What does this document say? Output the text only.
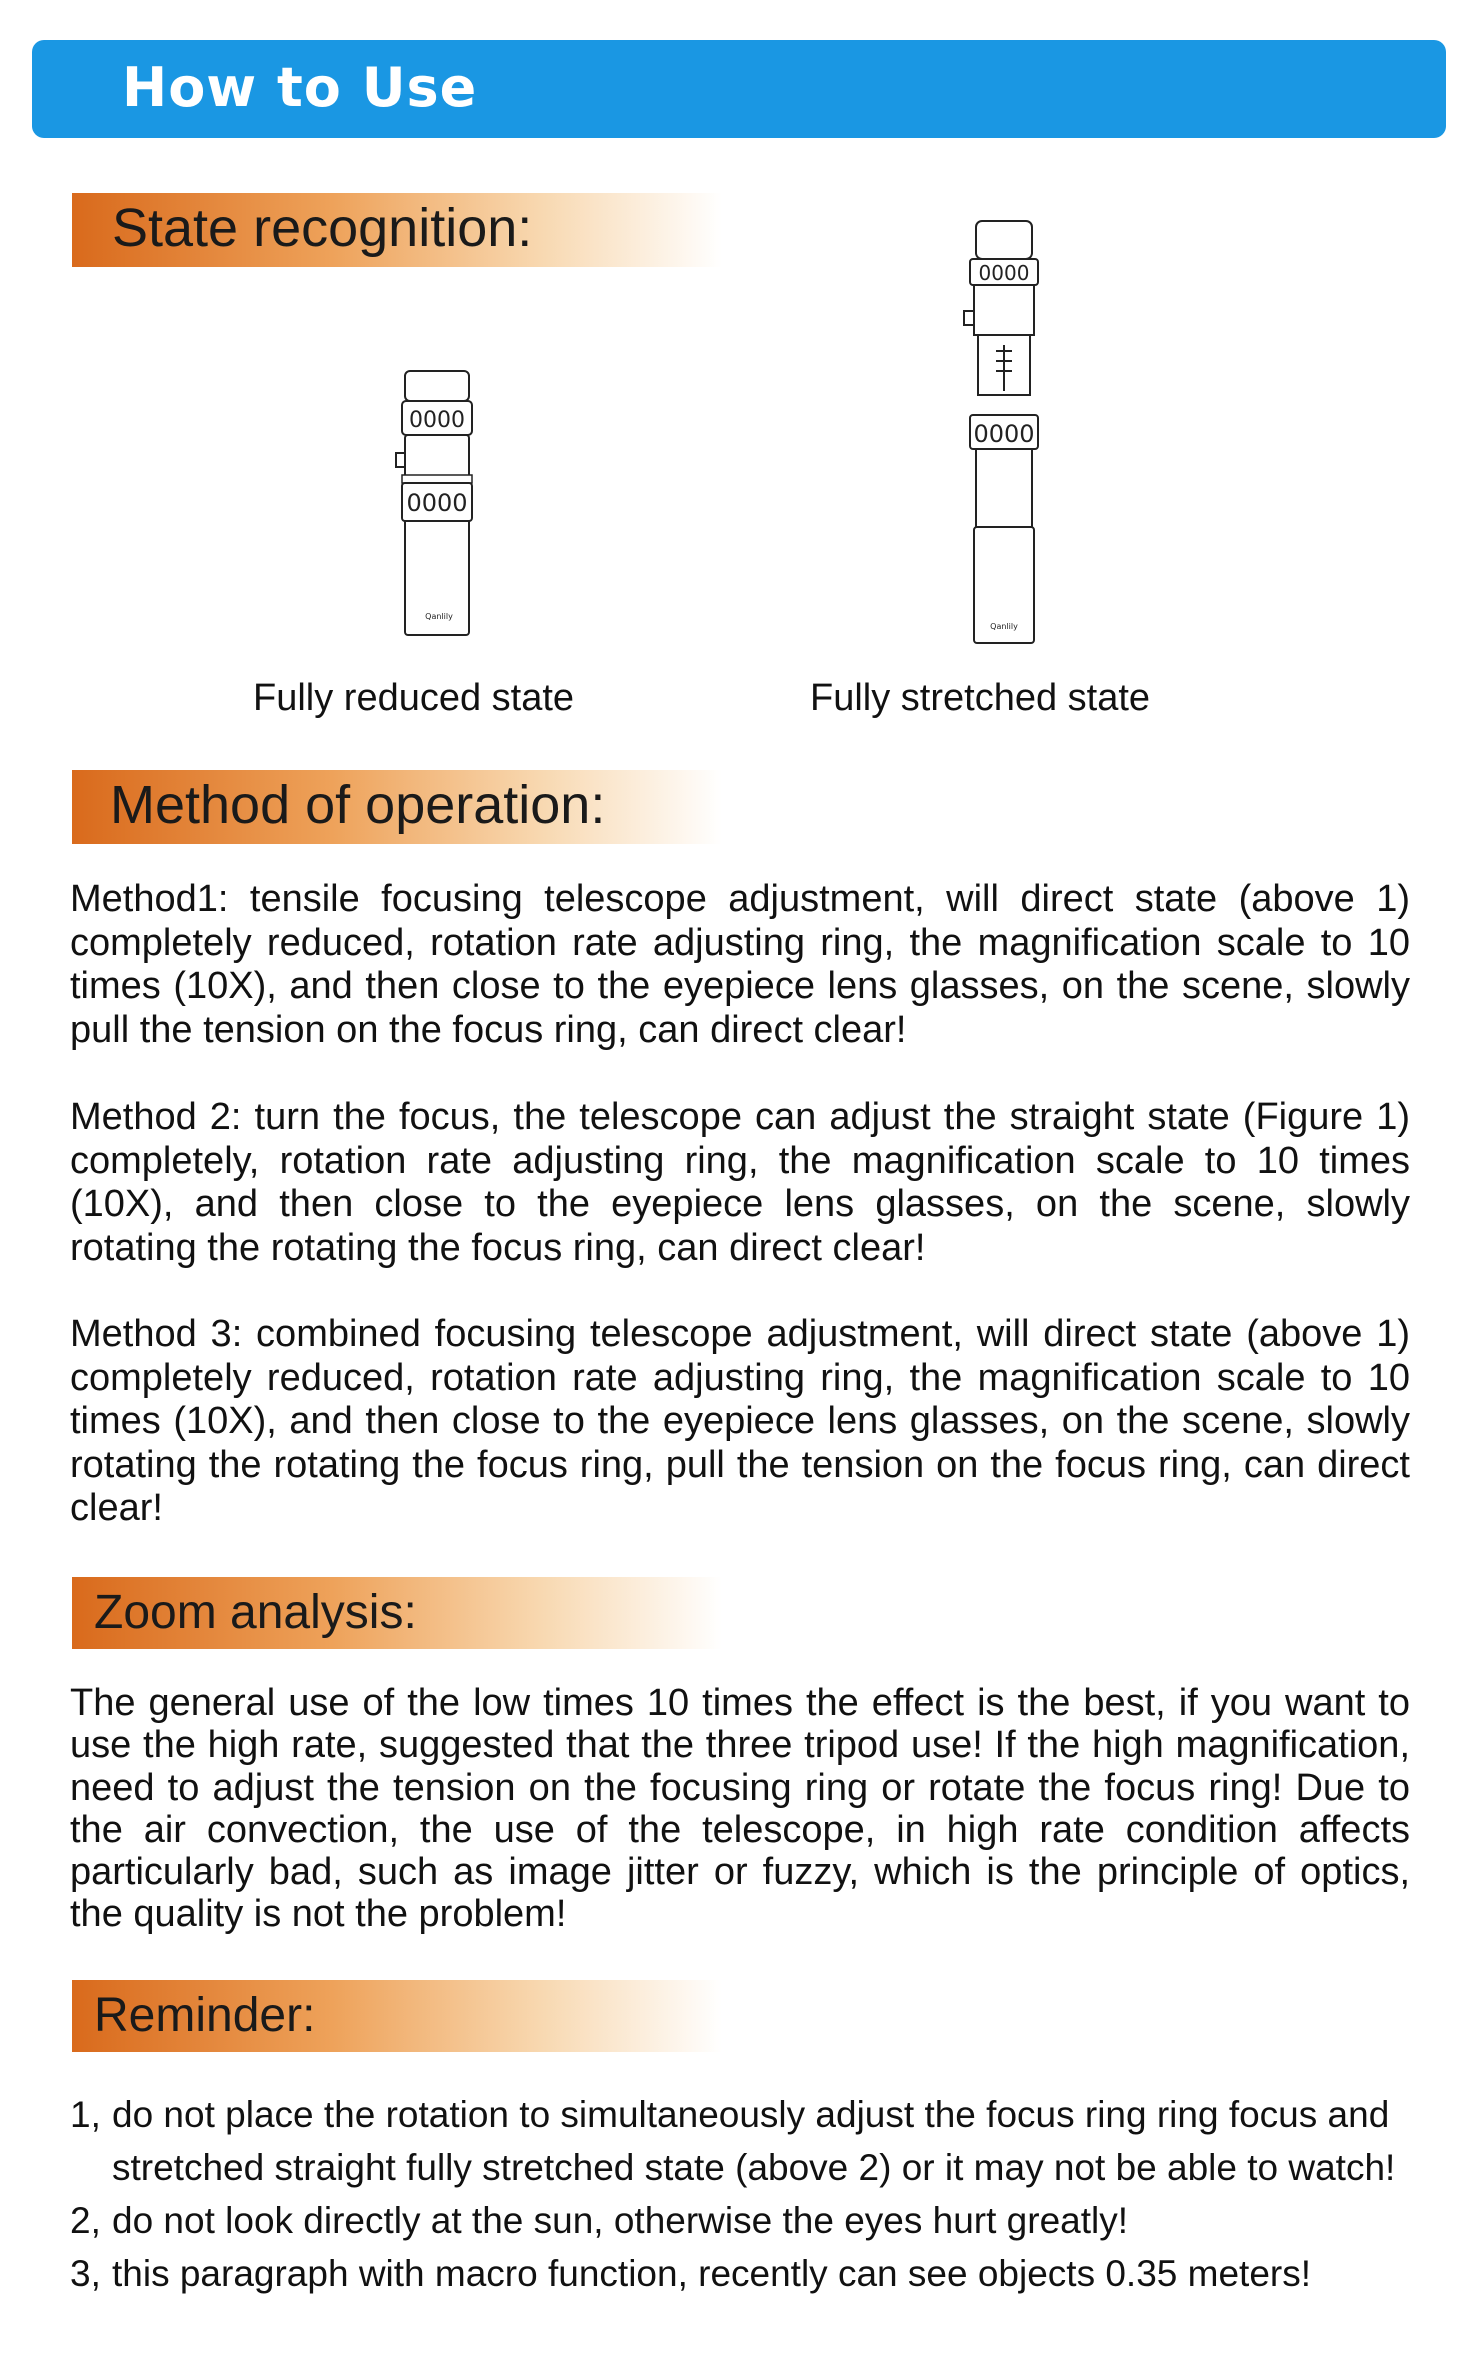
How to Use
State recognition:
0000
0000
Qanlily
0000
0000
Qanlily
Fully reduced state	Fully stretched state
Method of operation:

Method1: tensile focusing telescope adjustment, will direct state (above 1) completely reduced, rotation rate adjusting ring, the magnification scale to 10 times (10X), and then close to the eyepiece lens glasses, on the scene, slowly pull the tension on the focus ring, can direct clear!

Method 2: turn the focus, the telescope can adjust the straight state (Figure 1) completely, rotation rate adjusting ring, the magnification scale to 10 times (10X), and then close to the eyepiece lens glasses, on the scene, slowly rotating the rotating the focus ring, can direct clear!

Method 3: combined focusing telescope adjustment, will direct state (above 1) completely reduced, rotation rate adjusting ring, the magnification scale to 10 times (10X), and then close to the eyepiece lens glasses, on the scene, slowly rotating the rotating the focus ring, pull the tension on the focus ring, can direct clear!

Zoom analysis:

The general use of the low times 10 times the effect is the best, if you want to use the high rate, suggested that the three tripod use! If the high magnification, need to adjust the tension on the focusing ring or rotate the focus ring! Due to the air convection, the use of the telescope, in high rate condition affects particularly bad, such as image jitter or fuzzy, which is the principle of optics, the quality is not the problem!

Reminder:
1, do not place the rotation to simultaneously adjust the focus ring ring focus and stretched straight fully stretched state (above 2) or it may not be able to watch!
2, do not look directly at the sun, otherwise the eyes hurt greatly!
3, this paragraph with macro function, recently can see objects 0.35 meters!
